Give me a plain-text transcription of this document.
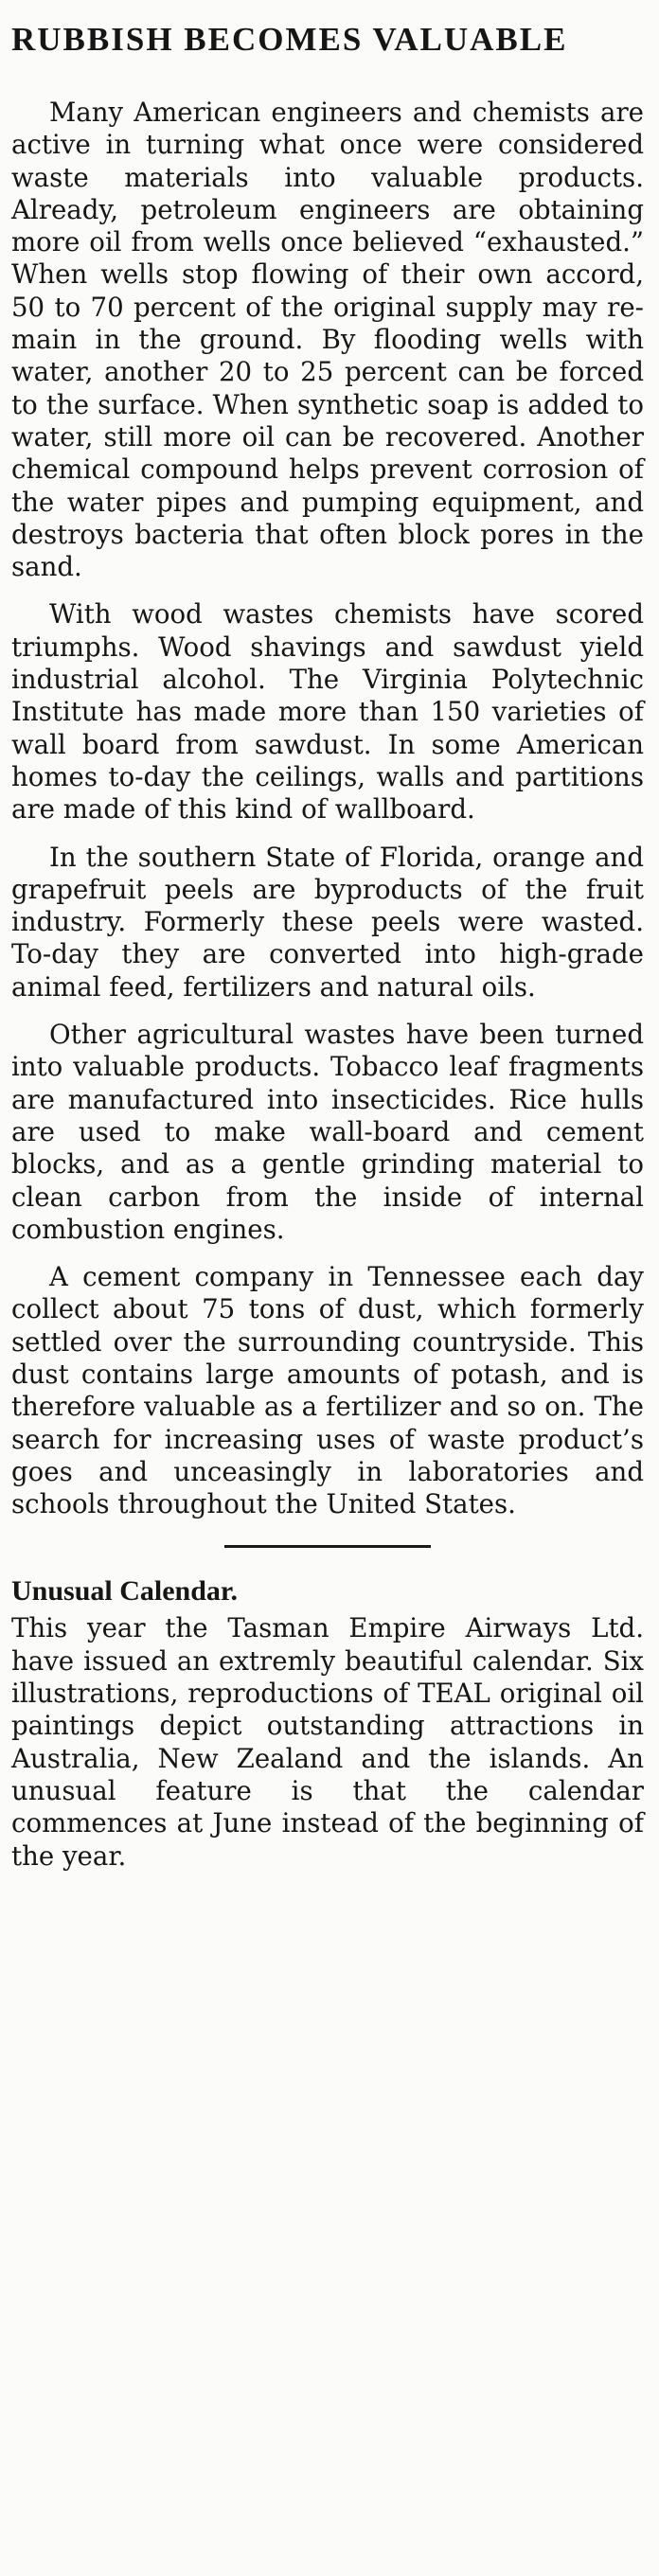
RUBBISH BECOMES VALUABLE

Many American engineers and chemists are active in turning what once were considered waste materials into valuable products. Already, petroleum engineers are obtaining more oil from wells once believed “exhausted.” When wells stop flowing of their own accord, 50 to 70 percent of the original supply may remain in the ground. By flooding wells with water, another 20 to 25 percent can be forced to the surface. When synthetic soap is added to water, still more oil can be recovered. Another chemical compound helps prevent corrosion of the water pipes and pumping equipment, and destroys bacteria that often block pores in the sand.

With wood wastes chemists have scored triumphs. Wood shavings and sawdust yield industrial alcohol. The Virginia Polytechnic Institute has made more than 150 varieties of wall board from sawdust. In some American homes to-day the ceilings, walls and partitions are made of this kind of wallboard.

In the southern State of Florida, orange and grapefruit peels are byproducts of the fruit industry. Formerly these peels were wasted. To-day they are converted into high-grade animal feed, fertilizers and natural oils.

Other agricultural wastes have been turned into valuable products. Tobacco leaf fragments are manufactured into insecticides. Rice hulls are used to make wall-board and cement blocks, and as a gentle grinding material to clean carbon from the inside of internal combustion engines.

A cement company in Tennessee each day collect about 75 tons of dust, which formerly settled over the surrounding countryside. This dust contains large amounts of potash, and is therefore valuable as a fertilizer and so on. The search for increasing uses of waste product’s goes and unceasingly in laboratories and schools throughout the United States.

Unusual Calendar.

This year the Tasman Empire Airways Ltd. have issued an extremly beautiful calendar. Six illustrations, reproductions of TEAL original oil paintings depict outstanding attractions in Australia, New Zealand and the islands. An unusual feature is that the calendar commences at June instead of the beginning of the year.
